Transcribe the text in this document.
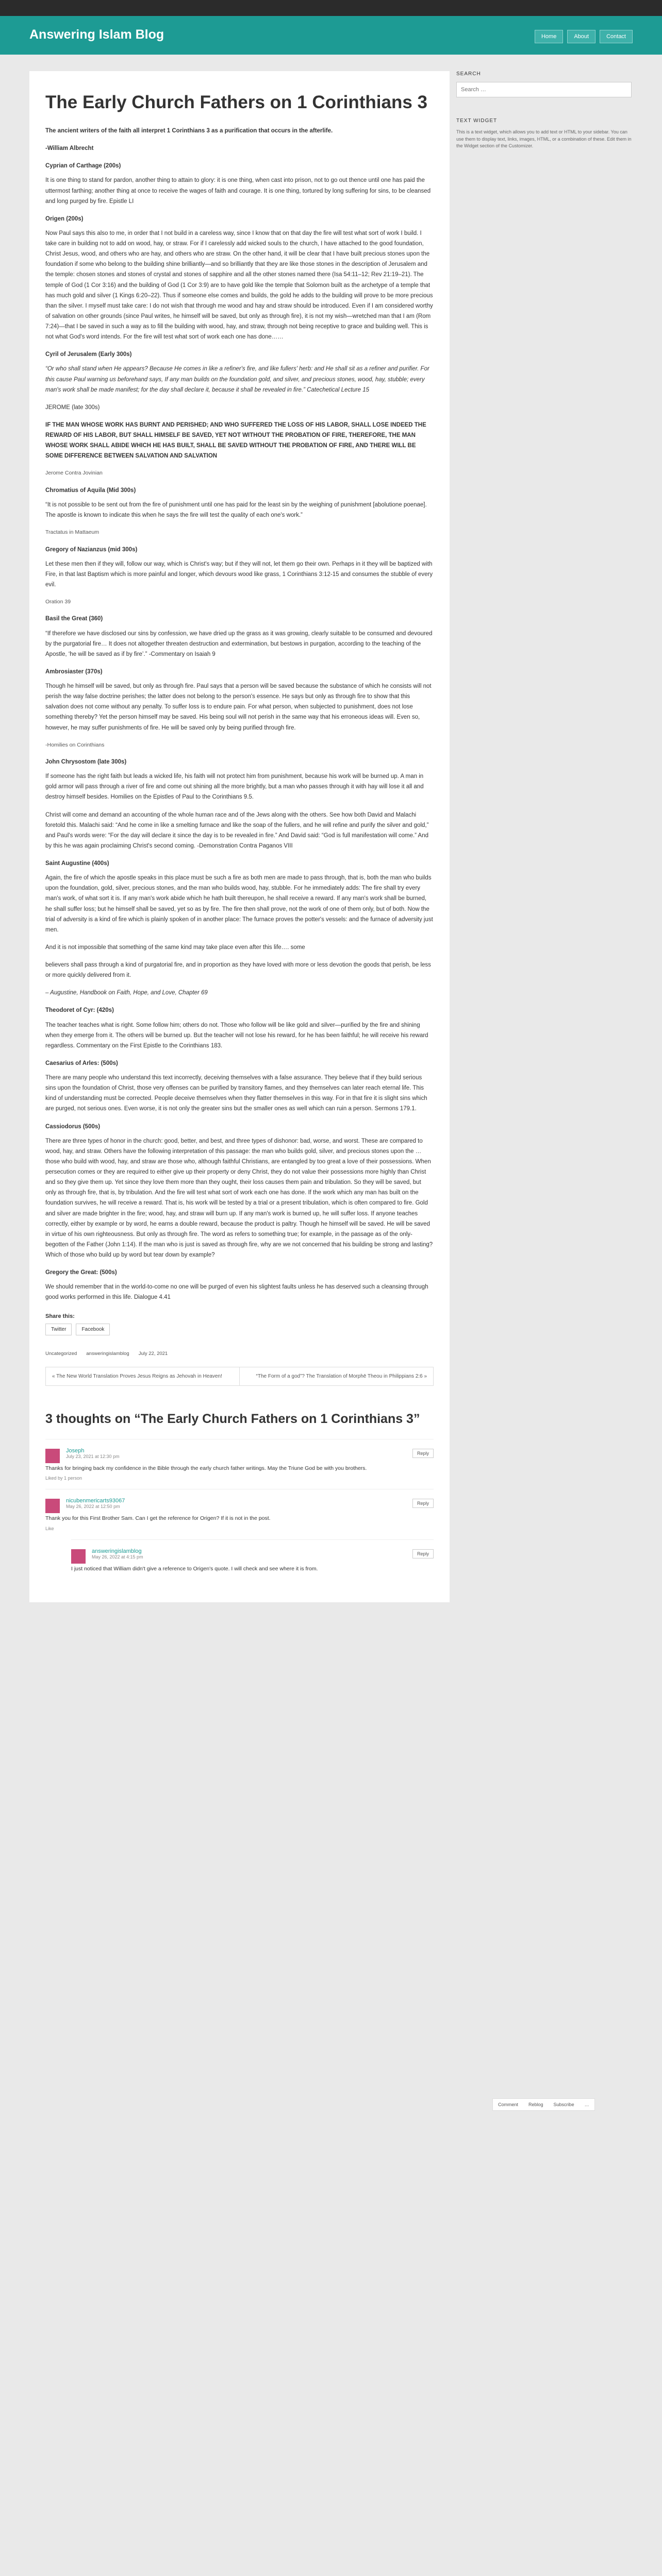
Answering Islam Blog	Home	About	Contact
The Early Church Fathers on 1 Corinthians 3

The ancient writers of the faith all interpret 1 Corinthians 3 as a purification that occurs in the afterlife.

-William Albrecht

Cyprian of Carthage (200s)

It is one thing to stand for pardon, another thing to attain to glory: it is one thing, when cast into prison, not to go out thence until one has paid the uttermost farthing; another thing at once to receive the wages of faith and courage. It is one thing, tortured by long suffering for sins, to be cleansed and long purged by fire. Epistle LI

Origen (200s)

Now Paul says this also to me, in order that I not build in a careless way, since I know that on that day the fire will test what sort of work I build. I take care in building not to add on wood, hay, or straw. For if I carelessly add wicked souls to the church, I have attached to the good foundation, Christ Jesus, wood, and others who are hay, and others who are straw. On the other hand, it will be clear that I have built precious stones upon the foundation if some who belong to the building shine brilliantly—and so brilliantly that they are like those stones in the description of Jerusalem and the temple: chosen stones and stones of crystal and stones of sapphire and all the other stones named there (Isa 54:11–12; Rev 21:19–21). The temple of God (1 Cor 3:16) and the building of God (1 Cor 3:9) are to have gold like the temple that Solomon built as the archetype of a temple that has much gold and silver (1 Kings 6:20–22). Thus if someone else comes and builds, the gold he adds to the building will prove to be more precious than the silver. I myself must take care: I do not wish that through me wood and hay and straw should be introduced. Even if I am considered worthy of salvation on other grounds (since Paul writes, he himself will be saved, but only as through fire), it is not my wish—wretched man that I am (Rom 7:24)—that I be saved in such a way as to fill the building with wood, hay, and straw, through not being receptive to grace and building well. This is not what God's word intends. For the fire will test what sort of work each one has done……

Cyril of Jerusalem (Early 300s)

“Or who shall stand when He appears? Because He comes in like a refiner's fire, and like fullers' herb: and He shall sit as a refiner and purifier. For this cause Paul warning us beforehand says, If any man builds on the foundation gold, and silver, and precious stones, wood, hay, stubble; every man's work shall be made manifest; for the day shall declare it, because it shall be revealed in fire.” Catechetical Lecture 15

JEROME (late 300s)

IF THE MAN WHOSE WORK HAS BURNT AND PERISHED; AND WHO SUFFERED THE LOSS OF HIS LABOR, SHALL LOSE INDEED THE REWARD OF HIS LABOR, BUT SHALL HIMSELF BE SAVED, YET NOT WITHOUT THE PROBATION OF FIRE, THEREFORE, THE MAN WHOSE WORK SHALL ABIDE WHICH HE HAS BUILT, SHALL BE SAVED WITHOUT THE PROBATION OF FIRE, AND THERE WILL BE SOME DIFFERENCE BETWEEN SALVATION AND SALVATION

Jerome Contra Jovinian

Chromatius of Aquila (Mid 300s)

“It is not possible to be sent out from the fire of punishment until one has paid for the least sin by the weighing of punishment [abolutione poenae]. The apostle is known to indicate this when he says the fire will test the quality of each one's work.”

Tractatus in Mattaeum

Gregory of Nazianzus (mid 300s)

Let these men then if they will, follow our way, which is Christ's way; but if they will not, let them go their own. Perhaps in it they will be baptized with Fire, in that last Baptism which is more painful and longer, which devours wood like grass, 1 Corinthians 3:12-15 and consumes the stubble of every evil.

Oration 39

Basil the Great (360)

“If therefore we have disclosed our sins by confession, we have dried up the grass as it was growing, clearly suitable to be consumed and devoured by the purgatorial fire… It does not altogether threaten destruction and extermination, but bestows in purgation, according to the teaching of the Apostle, ‘he will be saved as if by fire’.” -Commentary on Isaiah 9

Ambrosiaster (370s)

Though he himself will be saved, but only as through fire. Paul says that a person will be saved because the substance of which he consists will not perish the way false doctrine perishes; the latter does not belong to the person's essence. He says but only as through fire to show that this salvation does not come without any penalty. To suffer loss is to endure pain. For what person, when subjected to punishment, does not lose something thereby? Yet the person himself may be saved. His being soul will not perish in the same way that his erroneous ideas will. Even so, however, he may suffer punishments of fire. He will be saved only by being purified through fire.

-Homilies on Corinthians

John Chrysostom (late 300s)

If someone has the right faith but leads a wicked life, his faith will not protect him from punishment, because his work will be burned up. A man in gold armor will pass through a river of fire and come out shining all the more brightly, but a man who passes through it with hay will lose it all and destroy himself besides. Homilies on the Epistles of Paul to the Corinthians 9.5.

Christ will come and demand an accounting of the whole human race and of the Jews along with the others. See how both David and Malachi foretold this. Malachi said: “And he come in like a smelting furnace and like the soap of the fullers, and he will refine and purify the silver and gold,” and Paul's words were: “For the day will declare it since the day is to be revealed in fire.” And David said: “God is full manifestation will come.” And by this he was again proclaiming Christ's second coming. -Demonstration Contra Paganos VIII

Saint Augustine (400s)

Again, the fire of which the apostle speaks in this place must be such a fire as both men are made to pass through, that is, both the man who builds upon the foundation, gold, silver, precious stones, and the man who builds wood, hay, stubble. For he immediately adds: The fire shall try every man's work, of what sort it is. If any man's work abide which he hath built thereupon, he shall receive a reward. If any man's work shall be burned, he shall suffer loss; but he himself shall be saved, yet so as by fire. The fire then shall prove, not the work of one of them only, but of both. Now the trial of adversity is a kind of fire which is plainly spoken of in another place: The furnace proves the potter's vessels: and the furnace of adversity just men.

And it is not impossible that something of the same kind may take place even after this life…. some

believers shall pass through a kind of purgatorial fire, and in proportion as they have loved with more or less devotion the goods that perish, be less or more quickly delivered from it.

– Augustine, Handbook on Faith, Hope, and Love, Chapter 69

Theodoret of Cyr: (420s)

The teacher teaches what is right. Some follow him; others do not. Those who follow will be like gold and silver—purified by the fire and shining when they emerge from it. The others will be burned up. But the teacher will not lose his reward, for he has been faithful; he will receive his reward regardless. Commentary on the First Epistle to the Corinthians 183.

Caesarius of Arles: (500s)

There are many people who understand this text incorrectly, deceiving themselves with a false assurance. They believe that if they build serious sins upon the foundation of Christ, those very offenses can be purified by transitory flames, and they themselves can later reach eternal life. This kind of understanding must be corrected. People deceive themselves when they flatter themselves in this way. For in that fire it is slight sins which are purged, not serious ones. Even worse, it is not only the greater sins but the smaller ones as well which can ruin a person. Sermons 179.1.

Cassiodorus (500s)

There are three types of honor in the church: good, better, and best, and three types of dishonor: bad, worse, and worst. These are compared to wood, hay, and straw. Others have the following interpretation of this passage: the man who builds gold, silver, and precious stones upon the … those who build with wood, hay, and straw are those who, although faithful Christians, are entangled by too great a love of their possessions. When persecution comes or they are required to either give up their property or deny Christ, they do not value their possessions more highly than Christ and so they give them up. Yet since they love them more than they ought, their loss causes them pain and tribulation. So they will be saved, but only as through fire, that is, by tribulation. And the fire will test what sort of work each one has done. If the work which any man has built on the foundation survives, he will receive a reward. That is, his work will be tested by a trial or a present tribulation, which is often compared to fire. Gold and silver are made brighter in the fire; wood, hay, and straw will burn up. If any man's work is burned up, he will suffer loss. If anyone teaches correctly, either by example or by word, he earns a double reward, because the product is paltry. Though he himself will be saved. He will be saved in virtue of his own righteousness. But only as through fire. The word as refers to something true; for example, in the passage as of the only-begotten of the Father (John 1:14). If the man who is just is saved as through fire, why are we not concerned that his building be strong and lasting? Which of those who build up by word but tear down by example?

Gregory the Great: (500s)

We should remember that in the world-to-come no one will be purged of even his slightest faults unless he has deserved such a cleansing through good works performed in this life. Dialogue 4.41

Share this:
Twitter	Facebook
Uncategorized answeringislamblog July 22, 2021
« The New World Translation Proves Jesus Reigns as Jehovah in Heaven!	“The Form of a god”? The Translation of Morphē Theou in Philippians 2:6 »
3 thoughts on “The Early Church Fathers on 1 Corinthians 3”
Joseph
July 23, 2021 at 12:30 pm
Thanks for bringing back my confidence in the Bible through the early church father writings. May the Triune God be with you brothers.
Liked by 1 person
Reply
nicubenmericarts93067
May 26, 2022 at 12:50 pm
Thank you for this First Brother Sam. Can I get the reference for Origen? If it is not in the post.
Like
Reply
answeringislamblog
May 26, 2022 at 4:15 pm
I just noticed that William didn't give a reference to Origen's quote. I will check and see where it is from.
Reply
SEARCH
Search …
TEXT WIDGET
This is a text widget, which allows you to add text or HTML to your sidebar. You can use them to display text, links, images, HTML, or a combination of these. Edit them in the Widget section of the Customizer.
Comment	Reblog	Subscribe	…
